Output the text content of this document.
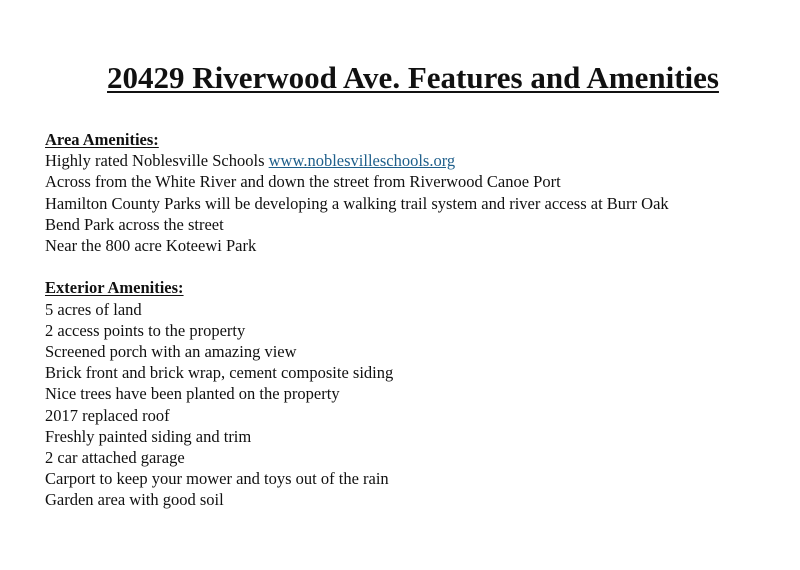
20429 Riverwood Ave. Features and Amenities
Area Amenities:
Highly rated Noblesville Schools www.noblesvilleschools.org
Across from the White River and down the street from Riverwood Canoe Port
Hamilton County Parks will be developing a walking trail system and river access at Burr Oak
Bend Park across the street
Near the 800 acre Koteewi Park
Exterior Amenities:
5 acres of land
2 access points to the property
Screened porch with an amazing view
Brick front and brick wrap, cement composite siding
Nice trees have been planted on the property
2017 replaced roof
Freshly painted siding and trim
2 car attached garage
Carport to keep your mower and toys out of the rain
Garden area with good soil
